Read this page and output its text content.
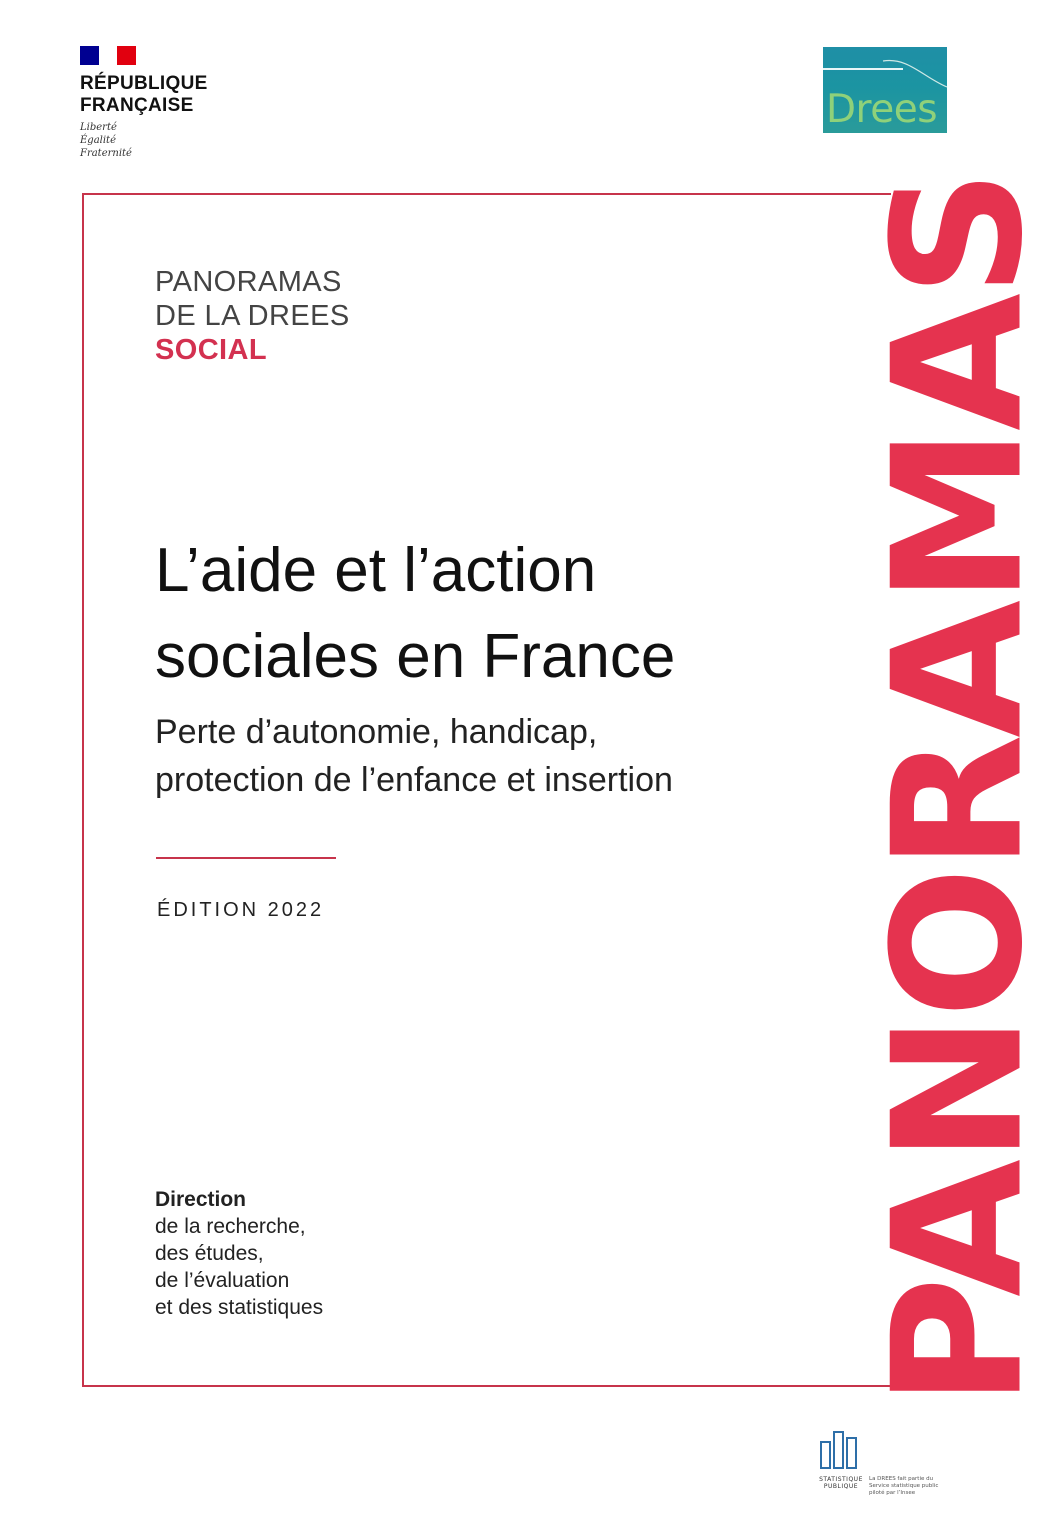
RÉPUBLIQUE
FRANÇAISE
Liberté
Égalité
Fraternité
Drees
PANORAMAS
DE LA DREES
SOCIAL
L’aide et l’action
sociales en France
Perte d’autonomie, handicap,
protection de l’enfance et insertion
ÉDITION 2022
Direction
de la recherche,
des études,
de l’évaluation
et des statistiques	PANORAMAS
STATISTIQUE
PUBLIQUE
La DREES fait partie du Service statistique public piloté par l’Insee
